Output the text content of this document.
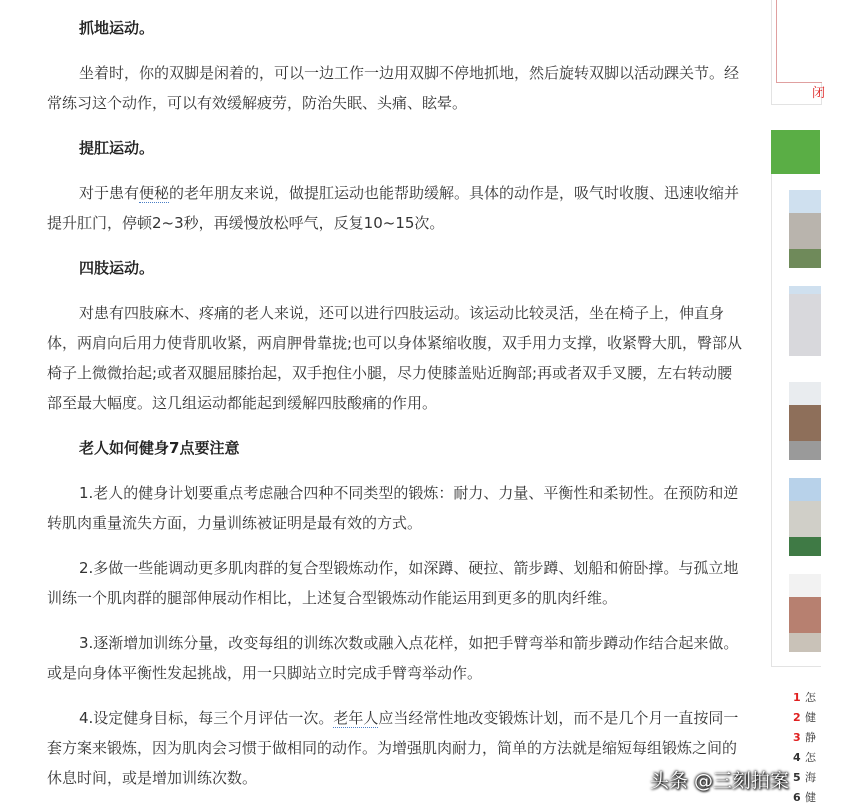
抓地运动。

坐着时，你的双脚是闲着的，可以一边工作一边用双脚不停地抓地，然后旋转双脚以活动踝关节。经常练习这个动作，可以有效缓解疲劳，防治失眠、头痛、眩晕。

提肛运动。

对于患有便秘的老年朋友来说，做提肛运动也能帮助缓解。具体的动作是，吸气时收腹、迅速收缩并提升肛门，停顿2~3秒，再缓慢放松呼气，反复10~15次。

四肢运动。

对患有四肢麻木、疼痛的老人来说，还可以进行四肢运动。该运动比较灵活，坐在椅子上，伸直身体，两肩向后用力使背肌收紧，两肩胛骨靠拢;也可以身体紧缩收腹，双手用力支撑，收紧臀大肌，臀部从椅子上微微抬起;或者双腿屈膝抬起，双手抱住小腿，尽力使膝盖贴近胸部;再或者双手叉腰，左右转动腰部至最大幅度。这几组运动都能起到缓解四肢酸痛的作用。

老人如何健身7点要注意

1.老人的健身计划要重点考虑融合四种不同类型的锻炼：耐力、力量、平衡性和柔韧性。在预防和逆转肌肉重量流失方面，力量训练被证明是最有效的方式。

2.多做一些能调动更多肌肉群的复合型锻炼动作，如深蹲、硬拉、箭步蹲、划船和俯卧撑。与孤立地训练一个肌肉群的腿部伸展动作相比，上述复合型锻炼动作能运用到更多的肌肉纤维。

3.逐渐增加训练分量，改变每组的训练次数或融入点花样，如把手臂弯举和箭步蹲动作结合起来做。或是向身体平衡性发起挑战，用一只脚站立时完成手臂弯举动作。

4.设定健身目标，每三个月评估一次。老年人应当经常性地改变锻炼计划，而不是几个月一直按同一套方案来锻炼，因为肌肉会习惯于做相同的动作。为增强肌肉耐力，简单的方法就是缩短每组锻炼之间的休息时间，或是增加训练次数。

闭
推
1 怎
2 健
3 静
4 怎
5 海
6 健
头条 @三刻拍案
